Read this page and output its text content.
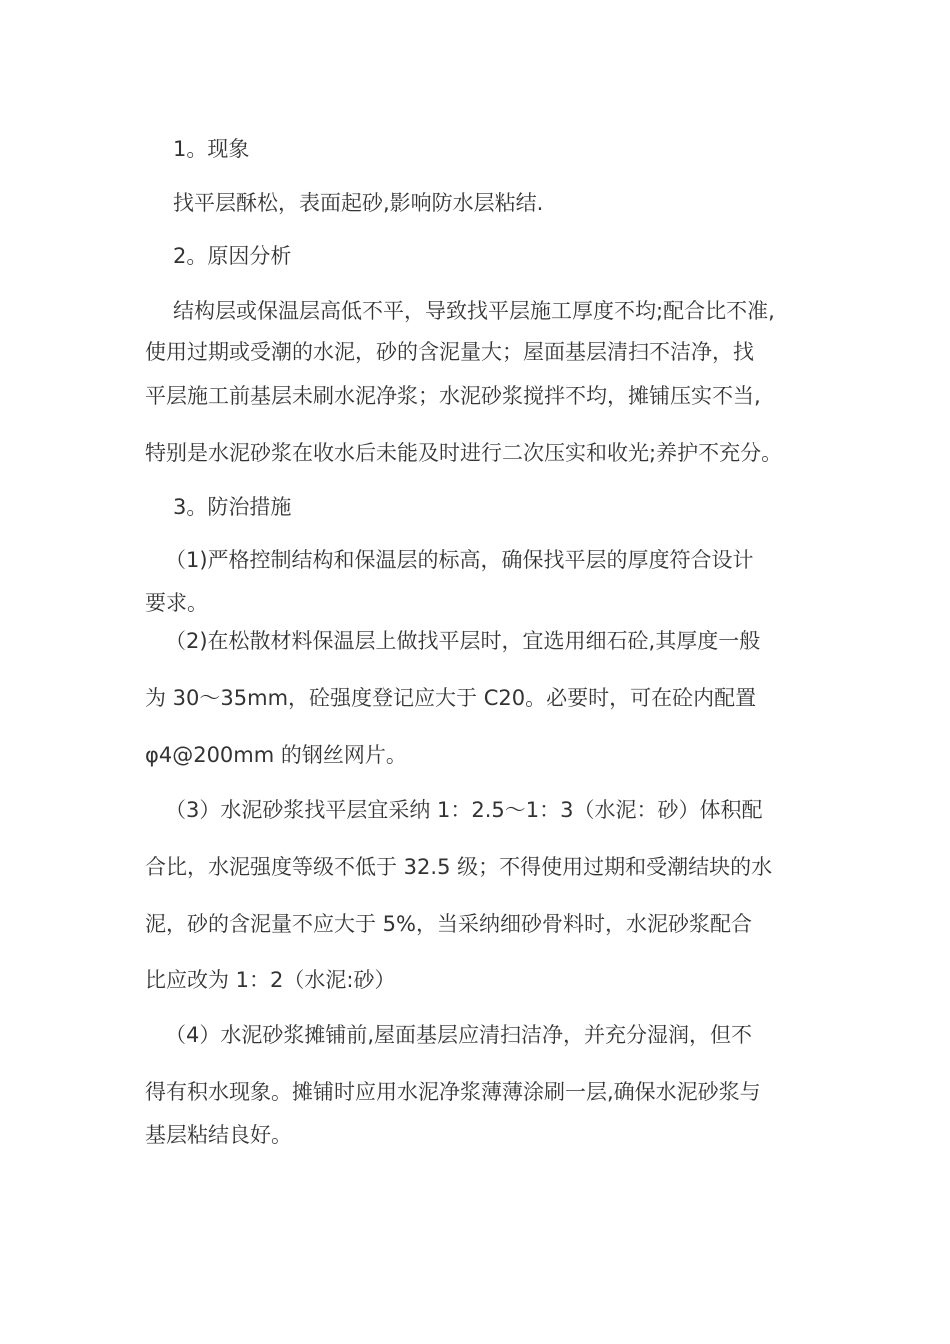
1。现象
找平层酥松，表面起砂,影响防水层粘结.
2。原因分析
结构层或保温层高低不平，导致找平层施工厚度不均;配合比不准,
使用过期或受潮的水泥，砂的含泥量大；屋面基层清扫不洁净，找
平层施工前基层未刷水泥净浆；水泥砂浆搅拌不均，摊铺压实不当,
特别是水泥砂浆在收水后未能及时进行二次压实和收光;养护不充分。
3。防治措施
（1)严格控制结构和保温层的标高，确保找平层的厚度符合设计
要求。
（2)在松散材料保温层上做找平层时，宜选用细石砼,其厚度一般
为 30～35mm，砼强度登记应大于 C20。必要时，可在砼内配置
φ4@200mm 的钢丝网片。
（3）水泥砂浆找平层宜采纳 1：2.5～1：3（水泥：砂）体积配
合比，水泥强度等级不低于 32.5 级；不得使用过期和受潮结块的水
泥，砂的含泥量不应大于 5%，当采纳细砂骨料时，水泥砂浆配合
比应改为 1：2（水泥:砂）
（4）水泥砂浆摊铺前,屋面基层应清扫洁净，并充分湿润，但不
得有积水现象。摊铺时应用水泥净浆薄薄涂刷一层,确保水泥砂浆与
基层粘结良好。
